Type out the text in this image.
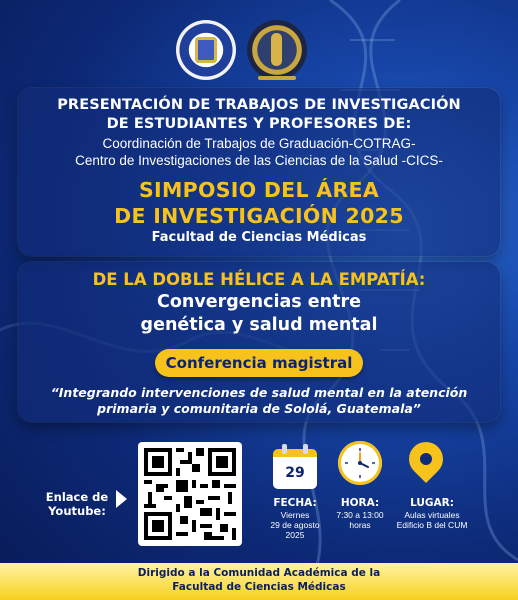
PRESENTACIÓN DE TRABAJOS DE INVESTIGACIÓN
DE ESTUDIANTES Y PROFESORES DE:
Coordinación de Trabajos de Graduación-COTRAG-
Centro de Investigaciones de las Ciencias de la Salud -CICS-
SIMPOSIO DEL ÁREA
DE INVESTIGACIÓN 2025
Facultad de Ciencias Médicas
DE LA DOBLE HÉLICE A LA EMPATÍA:
Convergencias entre
genética y salud mental
Conferencia magistral
“Integrando intervenciones de salud mental en la atención
primaria y comunitaria de Sololá, Guatemala”
Enlace de
Youtube:
29
FECHA:
Viernes
29 de agosto
2025
HORA:
7:30 a 13:00
horas
LUGAR:
Aulas virtuales
Edificio B del CUM
Dirigido a la Comunidad Académica de la
Facultad de Ciencias Médicas
